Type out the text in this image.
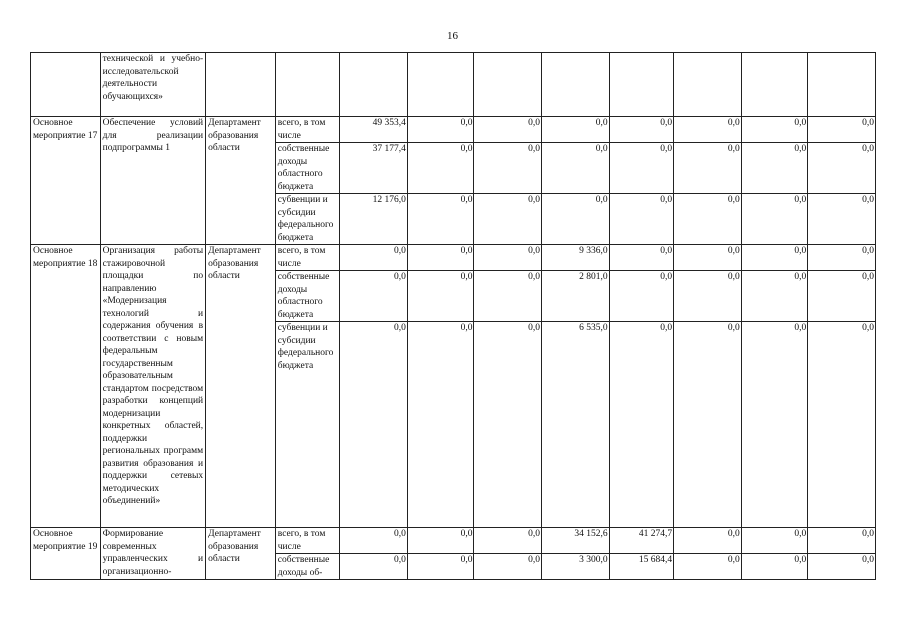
16
	технической и учебно-исследовательской деятельности обучающихся»										
Основное мероприятие 17	Обеспечение условий для реализации подпрограммы 1	Департамент образования области	всего, в том числе	49 353,4	0,0	0,0	0,0	0,0	0,0	0,0	0,0
			собственные доходы областного бюджета	37 177,4	0,0	0,0	0,0	0,0	0,0	0,0	0,0
			субвенции и субсидии федерального бюджета	12 176,0	0,0	0,0	0,0	0,0	0,0	0,0	0,0
Основное мероприятие 18	Организация работы стажировочной площадки по направлению «Модернизация технологий и содержания обучения в соответствии с новым федеральным государственным образовательным стандартом посредством разработки концепций модернизации конкретных областей, поддержки региональных программ развития образования и поддержки сетевых методических объединений»	Департамент образования области	всего, в том числе	0,0	0,0	0,0	9 336,0	0,0	0,0	0,0	0,0
			собственные доходы областного бюджета	0,0	0,0	0,0	2 801,0	0,0	0,0	0,0	0,0
			субвенции и субсидии федерального бюджета	0,0	0,0	0,0	6 535,0	0,0	0,0	0,0	0,0
Основное мероприятие 19	Формирование современных управленческих и организационно-	Департамент образования области	всего, в том числе	0,0	0,0	0,0	34 152,6	41 274,7	0,0	0,0	0,0
			собственные доходы об-	0,0	0,0	0,0	3 300,0	15 684,4	0,0	0,0	0,0
